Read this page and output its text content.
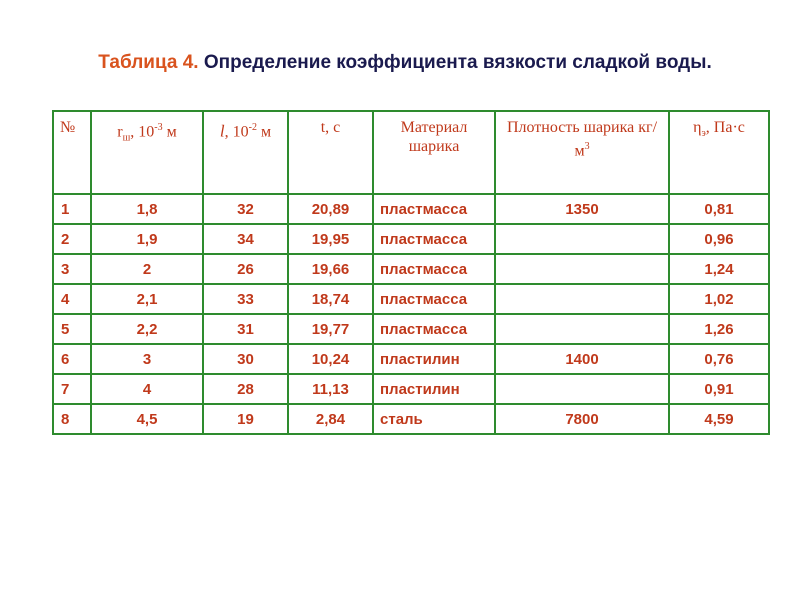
Таблица 4. Определение коэффициента вязкости сладкой воды.
№	$r_ш$, $10^{-3}$ м	l, $10^{-2}$ м	t, с	Материал шарика	Плотность шарика $кг/м^3$	$\eta_э$, Па·с
1	1,8	32	20,89	пластмасса	1350	0,81
2	1,9	34	19,95	пластмасса		0,96
3	2	26	19,66	пластмасса		1,24
4	2,1	33	18,74	пластмасса		1,02
5	2,2	31	19,77	пластмасса		1,26
6	3	30	10,24	пластилин	1400	0,76
7	4	28	11,13	пластилин		0,91
8	4,5	19	2,84	сталь	7800	4,59
